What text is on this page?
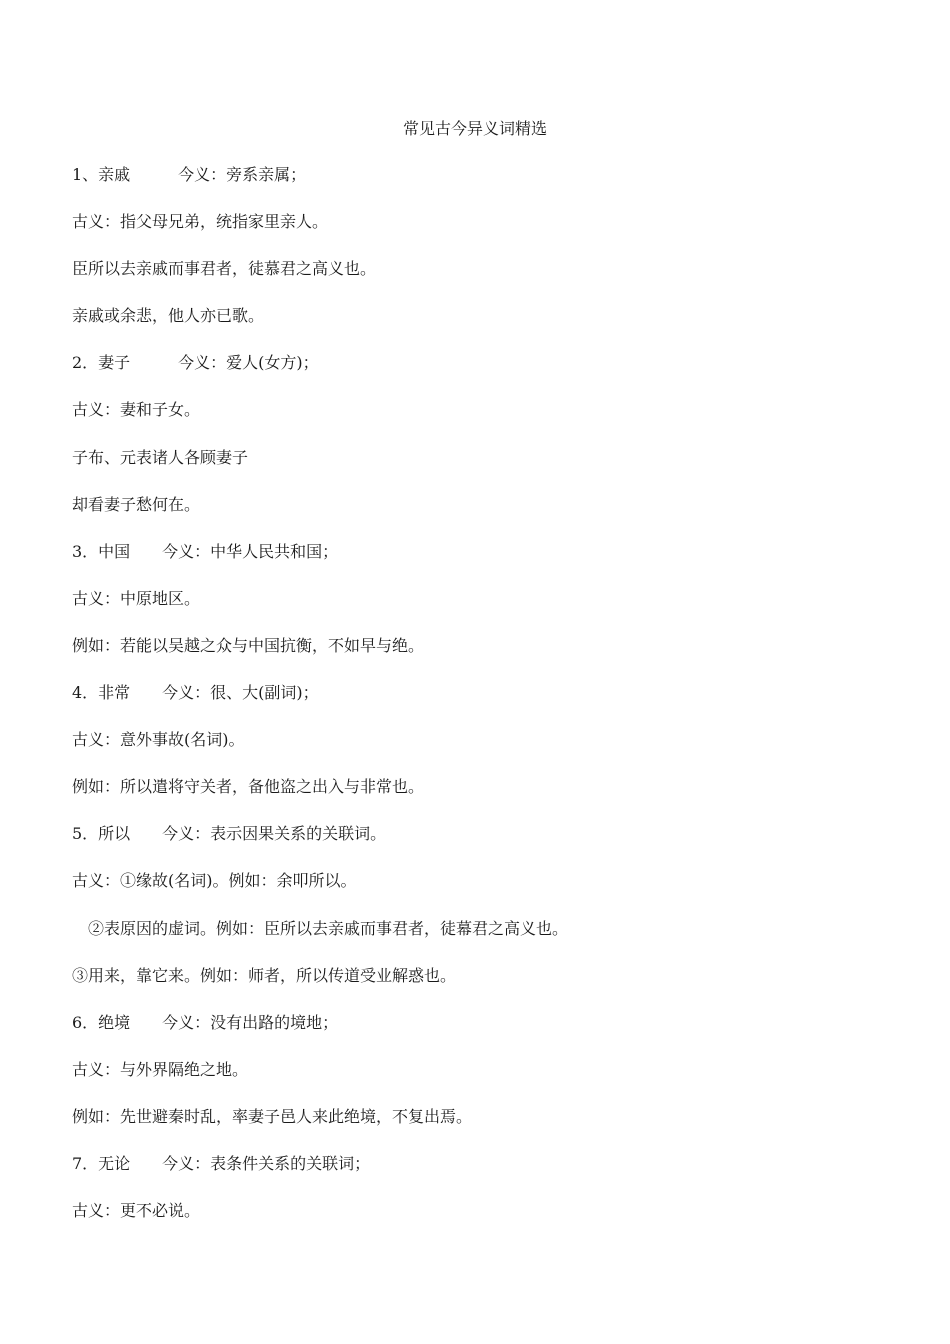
常见古今异义词精选
1、亲戚　　　今义：旁系亲属；
古义：指父母兄弟，统指家里亲人。
臣所以去亲戚而事君者，徒慕君之高义也。
亲戚或余悲，他人亦已歌。
2．妻子　　　今义：爱人(女方)；
古义：妻和子女。
子布、元表诸人各顾妻子
却看妻子愁何在。
3．中国　　今义：中华人民共和国；
古义：中原地区。
例如：若能以吴越之众与中国抗衡，不如早与绝。
4．非常　　今义：很、大(副词)；
古义：意外事故(名词)。
例如：所以遣将守关者，备他盗之出入与非常也。
5．所以　　今义：表示因果关系的关联词。
古义：①缘故(名词)。例如：余叩所以。
②表原因的虚词。例如：臣所以去亲戚而事君者，徒幕君之高义也。
③用来，靠它来。例如：师者，所以传道受业解惑也。
6．绝境　　今义：没有出路的境地；
古义：与外界隔绝之地。
例如：先世避秦时乱，率妻子邑人来此绝境，不复出焉。
7．无论　　今义：表条件关系的关联词；
古义：更不必说。
